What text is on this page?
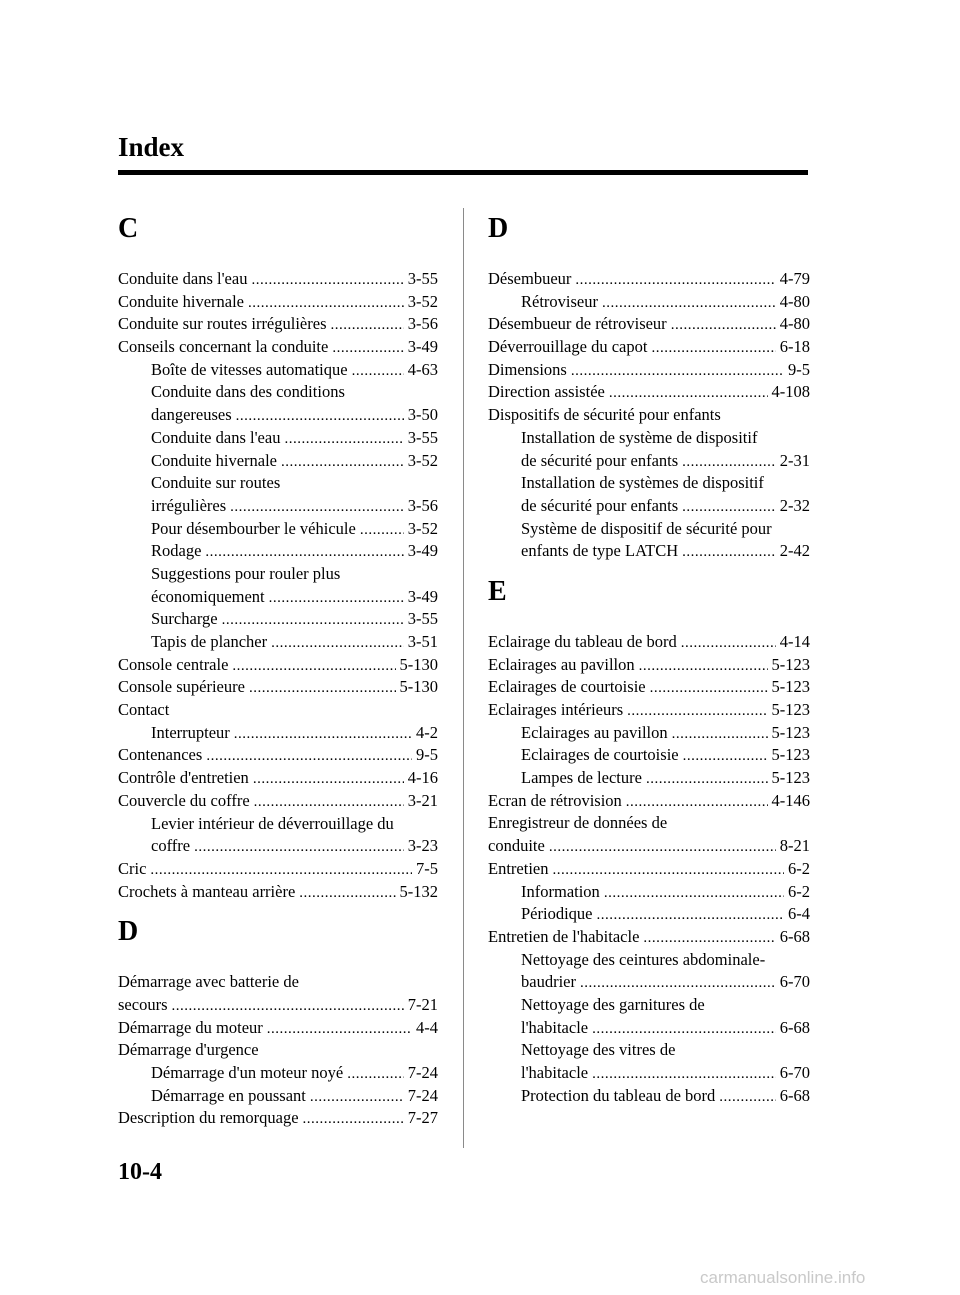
Index
C
Conduite dans l'eau .....	3-55
Conduite hivernale .....	3-52
Conduite sur routes irrégulières .....	3-56
Conseils concernant la conduite .....	3-49
Boîte de vitesses automatique .....	4-63
Conduite dans des conditions
dangereuses .....	3-50
Conduite dans l'eau .....	3-55
Conduite hivernale .....	3-52
Conduite sur routes
irrégulières .....	3-56
Pour désembourber le véhicule .....	3-52
Rodage .....	3-49
Suggestions pour rouler plus
économiquement .....	3-49
Surcharge .....	3-55
Tapis de plancher .....	3-51
Console centrale .....	5-130
Console supérieure .....	5-130
Contact
Interrupteur .....	4-2
Contenances .....	9-5
Contrôle d'entretien .....	4-16
Couvercle du coffre .....	3-21
Levier intérieur de déverrouillage du
coffre .....	3-23
Cric .....	7-5
Crochets à manteau arrière .....	5-132
D
Démarrage avec batterie de
secours .....	7-21
Démarrage du moteur .....	4-4
Démarrage d'urgence
Démarrage d'un moteur noyé .....	7-24
Démarrage en poussant .....	7-24
Description du remorquage .....	7-27
D
Désembueur .....	4-79
Rétroviseur .....	4-80
Désembueur de rétroviseur .....	4-80
Déverrouillage du capot .....	6-18
Dimensions .....	9-5
Direction assistée .....	4-108
Dispositifs de sécurité pour enfants
Installation de système de dispositif
de sécurité pour enfants .....	2-31
Installation de systèmes de dispositif
de sécurité pour enfants .....	2-32
Système de dispositif de sécurité pour
enfants de type LATCH .....	2-42
E
Eclairage du tableau de bord .....	4-14
Eclairages au pavillon .....	5-123
Eclairages de courtoisie .....	5-123
Eclairages intérieurs .....	5-123
Eclairages au pavillon .....	5-123
Eclairages de courtoisie .....	5-123
Lampes de lecture .....	5-123
Ecran de rétrovision .....	4-146
Enregistreur de données de
conduite .....	8-21
Entretien .....	6-2
Information .....	6-2
Périodique .....	6-4
Entretien de l'habitacle .....	6-68
Nettoyage des ceintures abdominale-
baudrier .....	6-70
Nettoyage des garnitures de
l'habitacle .....	6-68
Nettoyage des vitres de
l'habitacle .....	6-70
Protection du tableau de bord .....	6-68
10-4
carmanualsonline.info
